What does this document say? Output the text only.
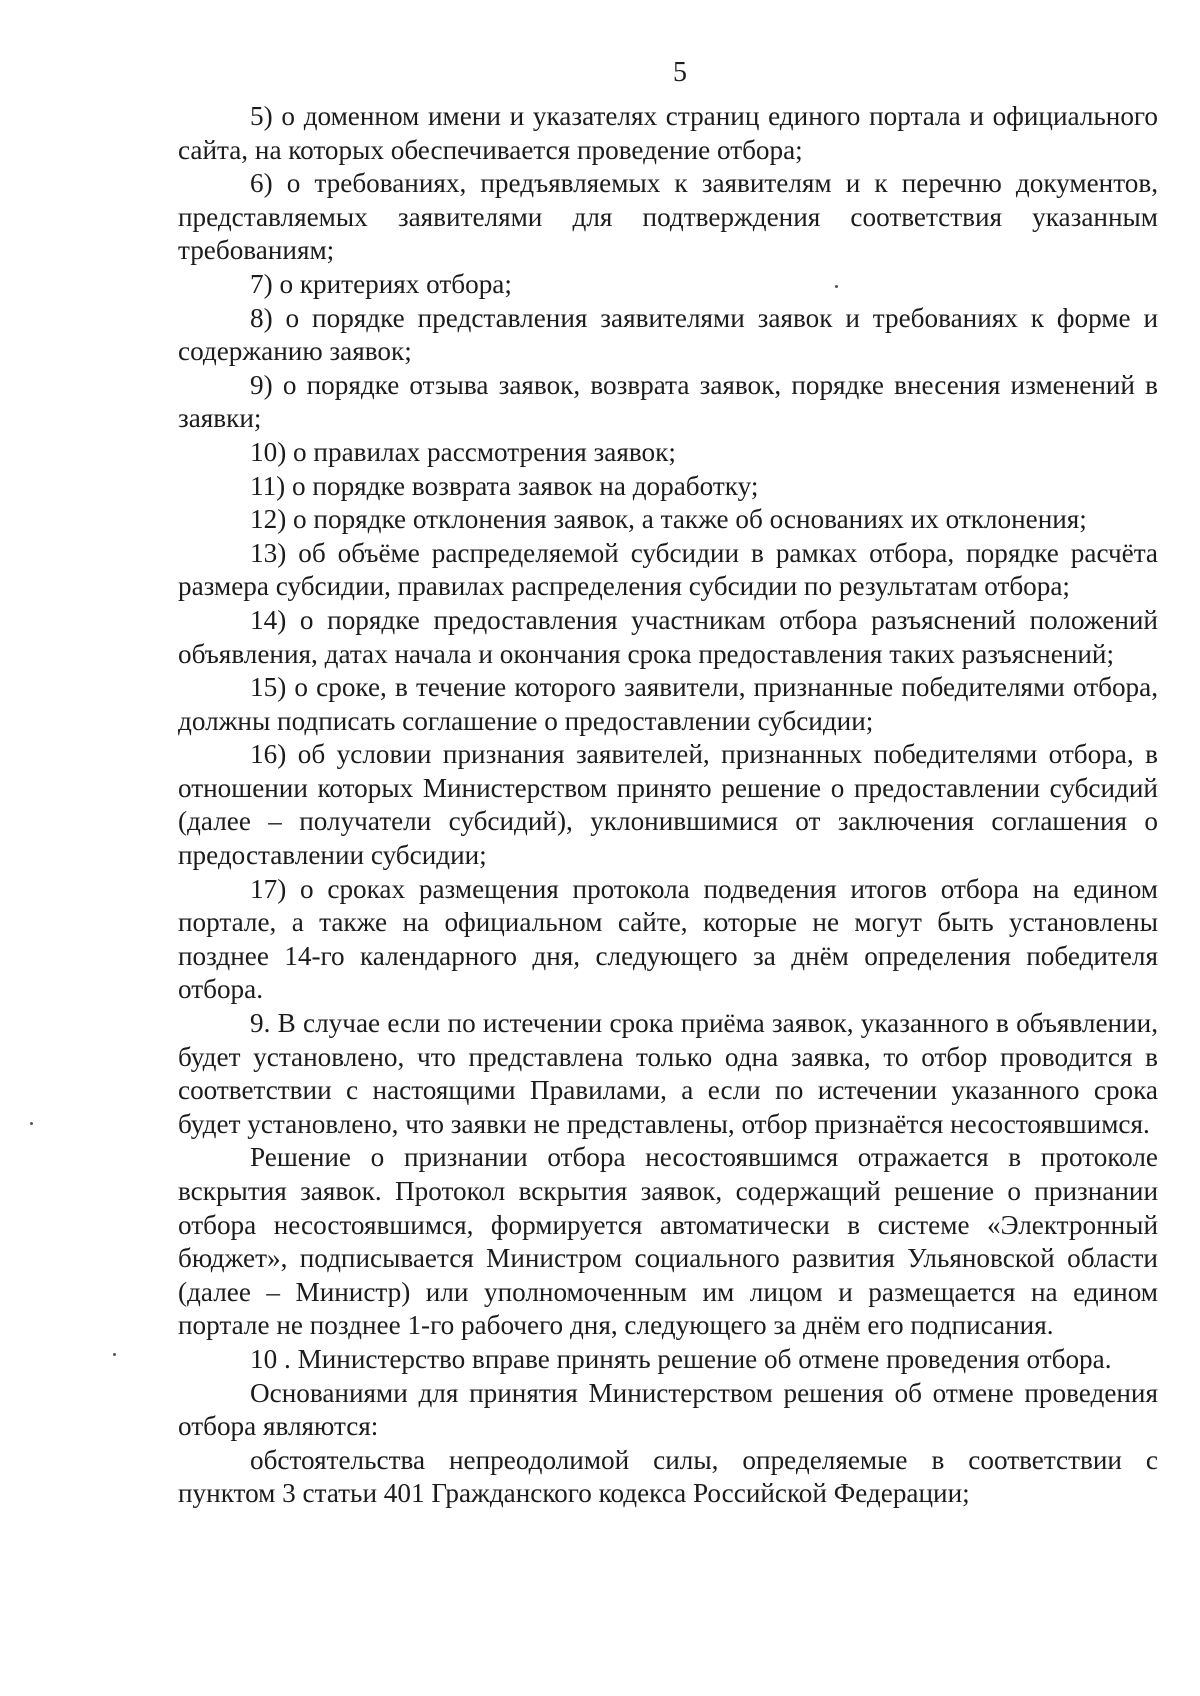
5

5) о доменном имени и указателях страниц единого портала и официального сайта, на которых обеспечивается проведение отбора;

6) о требованиях, предъявляемых к заявителям и к перечню документов, представляемых заявителями для подтверждения соответствия указанным требованиям;

7) о критериях отбора;

8) о порядке представления заявителями заявок и требованиях к форме и содержанию заявок;

9) о порядке отзыва заявок, возврата заявок, порядке внесения изменений в заявки;

10) о правилах рассмотрения заявок;

11) о порядке возврата заявок на доработку;

12) о порядке отклонения заявок, а также об основаниях их отклонения;

13) об объёме распределяемой субсидии в рамках отбора, порядке расчёта размера субсидии, правилах распределения субсидии по результатам отбора;

14) о порядке предоставления участникам отбора разъяснений положений объявления, датах начала и окончания срока предоставления таких разъяснений;

15) о сроке, в течение которого заявители, признанные победителями отбора, должны подписать соглашение о предоставлении субсидии;

16) об условии признания заявителей, признанных победителями отбора, в отношении которых Министерством принято решение о предоставлении субсидий (далее – получатели субсидий), уклонившимися от заключения соглашения о предоставлении субсидии;

17) о сроках размещения протокола подведения итогов отбора на едином портале, а также на официальном сайте, которые не могут быть установлены позднее 14-го календарного дня, следующего за днём определения победителя отбора.

9. В случае если по истечении срока приёма заявок, указанного в объявлении, будет установлено, что представлена только одна заявка, то отбор проводится в соответствии с настоящими Правилами, а если по истечении указанного срока будет установлено, что заявки не представлены, отбор признаётся несостоявшимся.

Решение о признании отбора несостоявшимся отражается в протоколе вскрытия заявок. Протокол вскрытия заявок, содержащий решение о признании отбора несостоявшимся, формируется автоматически в системе «Электронный бюджет», подписывается Министром социального развития Ульяновской области (далее – Министр) или уполномоченным им лицом и размещается на едином портале не позднее 1-го рабочего дня, следующего за днём его подписания.

10 . Министерство вправе принять решение об отмене проведения отбора.

Основаниями для принятия Министерством решения об отмене проведения отбора являются:

обстоятельства непреодолимой силы, определяемые в соответствии с пунктом 3 статьи 401 Гражданского кодекса Российской Федерации;
